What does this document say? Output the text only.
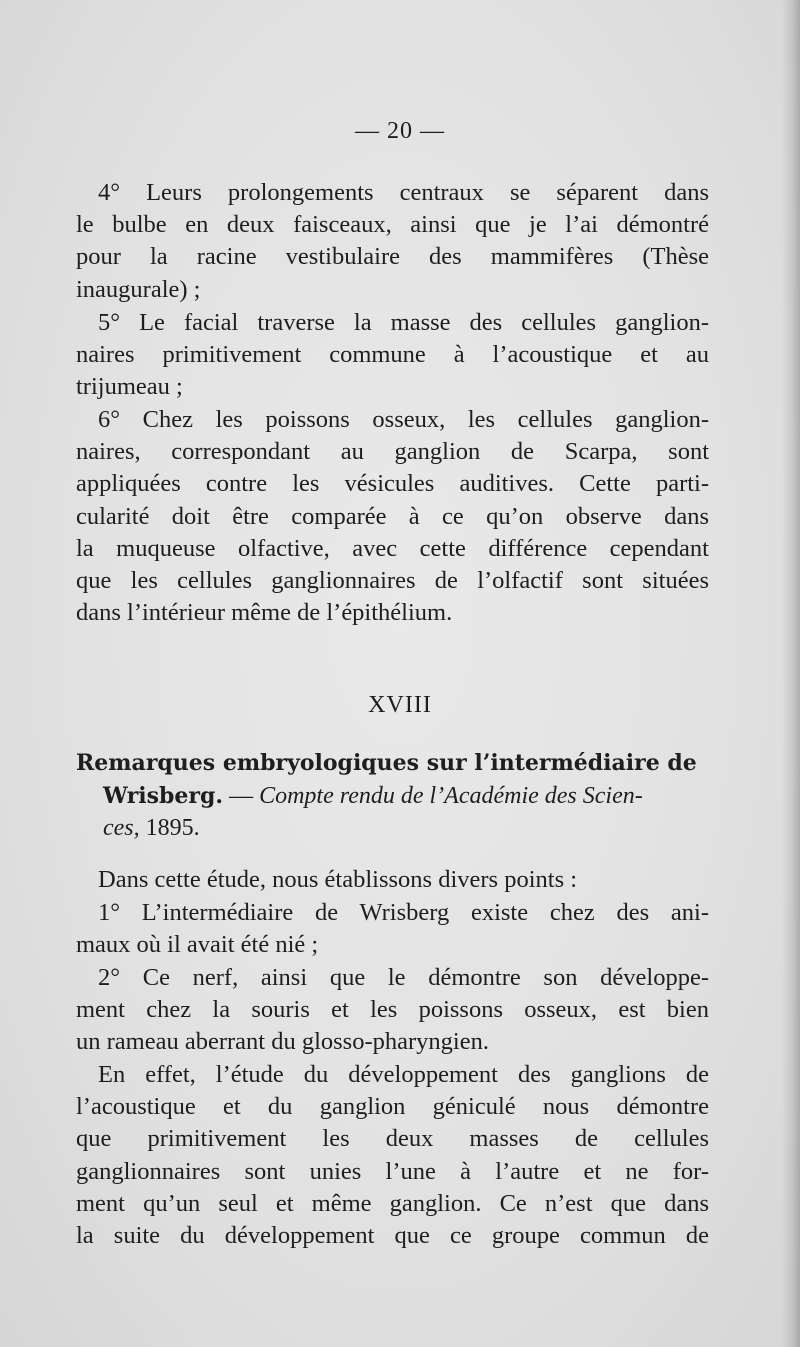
— 20 —
4° Leurs prolongements centraux se séparent dans
le bulbe en deux faisceaux, ainsi que je l’ai démontré
pour la racine vestibulaire des mammifères (Thèse
inaugurale) ;
5° Le facial traverse la masse des cellules ganglion-
naires primitivement commune à l’acoustique et au
trijumeau ;
6° Chez les poissons osseux, les cellules ganglion-
naires, correspondant au ganglion de Scarpa, sont
appliquées contre les vésicules auditives. Cette parti-
cularité doit être comparée à ce qu’on observe dans
la muqueuse olfactive, avec cette différence cependant
que les cellules ganglionnaires de l’olfactif sont situées
dans l’intérieur même de l’épithélium.
XVIII
Remarques embryologiques sur l’intermédiaire de
Wrisberg. — Compte rendu de l’Académie des Scien-
ces, 1895.
Dans cette étude, nous établissons divers points :
1° L’intermédiaire de Wrisberg existe chez des ani-
maux où il avait été nié ;
2° Ce nerf, ainsi que le démontre son développe-
ment chez la souris et les poissons osseux, est bien
un rameau aberrant du glosso-pharyngien.
En effet, l’étude du développement des ganglions de
l’acoustique et du ganglion géniculé nous démontre
que primitivement les deux masses de cellules
ganglionnaires sont unies l’une à l’autre et ne for-
ment qu’un seul et même ganglion. Ce n’est que dans
la suite du développement que ce groupe commun de
